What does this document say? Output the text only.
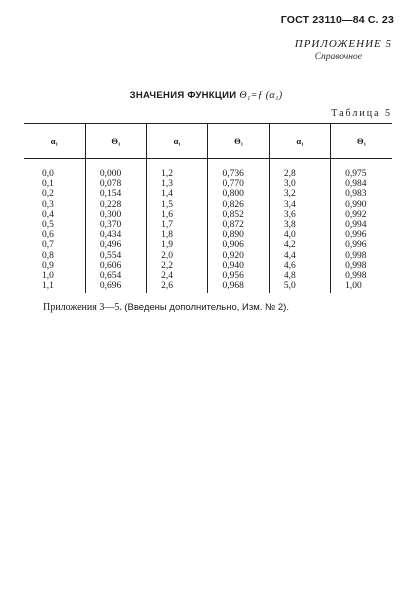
ГОСТ 23110—84 С. 23
ПРИЛОЖЕНИЕ 5
Справочное
ЗНАЧЕНИЯ ФУНКЦИИ Θ₁=ƒ (α₁)
Таблица 5
α₁	Θ₁	α₁	Θ₁	α₁	Θ₁
0,0	0,000	1,2	0,736	2,8	0,975
0,1	0,078	1,3	0,770	3,0	0,984
0,2	0,154	1,4	0,800	3,2	0,983
0,3	0,228	1,5	0,826	3,4	0,990
0,4	0,300	1,6	0,852	3,6	0,992
0,5	0,370	1,7	0,872	3,8	0,994
0,6	0,434	1,8	0,890	4,0	0,996
0,7	0,496	1,9	0,906	4,2	0,996
0,8	0,554	2,0	0,920	4,4	0,998
0,9	0,606	2,2	0,940	4,6	0,998
1,0	0,654	2,4	0,956	4,8	0,998
1,1	0,696	2,6	0,968	5,0	1,00
Приложения 3—5. (Введены дополнительно, Изм. № 2).
